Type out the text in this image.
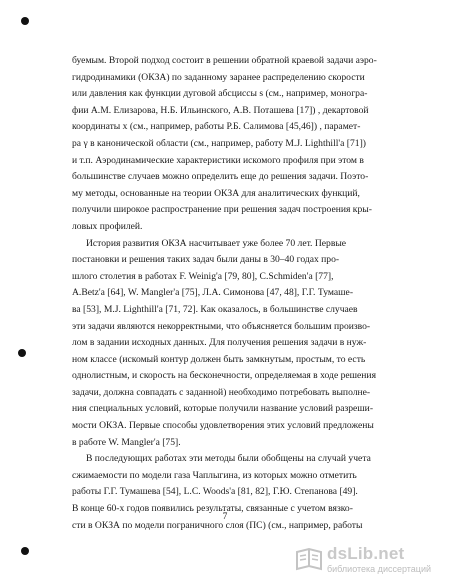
буемым. Второй подход состоит в решении обратной краевой задачи аэро-
гидродинамики (ОКЗА) по заданному заранее распределению скорости
или давления как функции дуговой абсциссы s (см., например, моногра-
фии А.М. Елизарова, Н.Б. Ильинского, А.В. Поташева [17]) , декартовой
координаты x (см., например, работы Р.Б. Салимова [45,46]) , парамет-
ра γ в канонической области (см., например, работу M.J. Lighthill'a [71])
и т.п. Аэродинамические характеристики искомого профиля при этом в
большинстве случаев можно определить еще до решения задачи. Поэто-
му методы, основанные на теории ОКЗА для аналитических функций,
получили широкое распространение при решения задач построения кры-
ловых профилей.
История развития ОКЗА насчитывает уже более 70 лет. Первые
постановки и решения таких задач были даны в 30–40 годах про-
шлого столетия в работах F. Weinig'a [79, 80], C.Schmiden'a [77],
A.Betz'a [64], W. Mangler'a [75], Л.А. Симонова [47, 48], Г.Г. Тумаше-
ва [53], M.J. Lighthill'a [71, 72]. Как оказалось, в большинстве случаев
эти задачи являются некорректными, что объясняется большим произво-
лом в задании исходных данных. Для получения решения задачи в нуж-
ном классе (искомый контур должен быть замкнутым, простым, то есть
однолистным, и скорость на бесконечности, определяемая в ходе решения
задачи, должна совпадать с заданной) необходимо потребовать выполне-
ния специальных условий, которые получили название условий разреши-
мости ОКЗА. Первые способы удовлетворения этих условий предложены
в работе W. Mangler'a [75].
В последующих работах эти методы были обобщены на случай учета
сжимаемости по модели газа Чаплыгина, из которых можно отметить
работы Г.Г. Тумашева [54], L.C. Woods'a [81, 82], Г.Ю. Степанова [49].
В конце 60-х годов появились результаты, связанные с учетом вязко-
сти в ОКЗА по модели пограничного слоя (ПС) (см., например, работы
7
dsLib.net
библиотека диссертаций
